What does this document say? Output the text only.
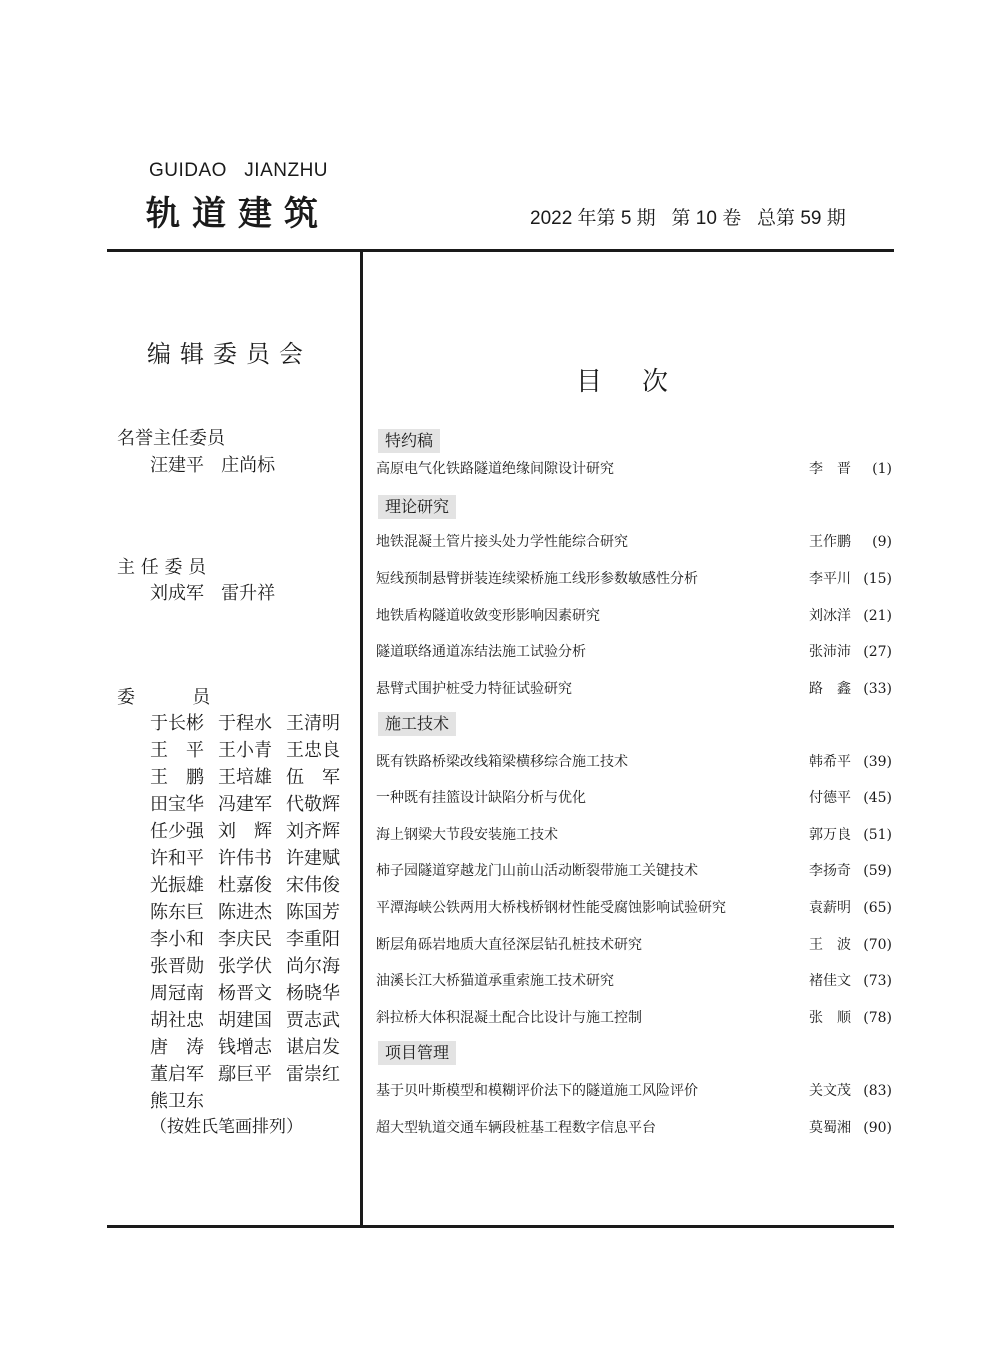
GUIDAO   JIANZHU
轨道建筑	2022 年第 5 期   第 10 卷   总第 59 期
编辑委员会
名誉主任委员
汪建平   庄尚标
主 任 委 员
刘成军   雷升祥
委          员
于长彬 于程水 王清明
王　平 王小青 王忠良
王　鹏 王培雄 伍　军
田宝华 冯建军 代敬辉
任少强 刘　辉 刘齐辉
许和平 许伟书 许建赋
光振雄 杜嘉俊 宋伟俊
陈东巨 陈进杰 陈国芳
李小和 李庆民 李重阳
张晋勋 张学伏 尚尔海
周冠南 杨晋文 杨晓华
胡社忠 胡建国 贾志武
唐　涛 钱增志 谌启发
董启军 鄢巨平 雷崇红
熊卫东
（按姓氏笔画排列）
目次
特约稿
高原电气化铁路隧道绝缘间隙设计研究	李　晋 (1)
理论研究
地铁混凝土管片接头处力学性能综合研究	王作鹏 (9)
短线预制悬臂拼装连续梁桥施工线形参数敏感性分析	李平川 (15)
地铁盾构隧道收敛变形影响因素研究	刘冰洋 (21)
隧道联络通道冻结法施工试验分析	张沛沛 (27)
悬臂式围护桩受力特征试验研究	路　鑫 (33)
施工技术
既有铁路桥梁改线箱梁横移综合施工技术	韩希平 (39)
一种既有挂篮设计缺陷分析与优化	付德平 (45)
海上钢梁大节段安装施工技术	郭万良 (51)
柿子园隧道穿越龙门山前山活动断裂带施工关键技术	李扬奇 (59)
平潭海峡公铁两用大桥栈桥钢材性能受腐蚀影响试验研究	袁薪明 (65)
断层角砾岩地质大直径深层钻孔桩技术研究	王　波 (70)
油溪长江大桥猫道承重索施工技术研究	褚佳文 (73)
斜拉桥大体积混凝土配合比设计与施工控制	张　顺 (78)
项目管理
基于贝叶斯模型和模糊评价法下的隧道施工风险评价	关文茂 (83)
超大型轨道交通车辆段桩基工程数字信息平台	莫蜀湘 (90)
